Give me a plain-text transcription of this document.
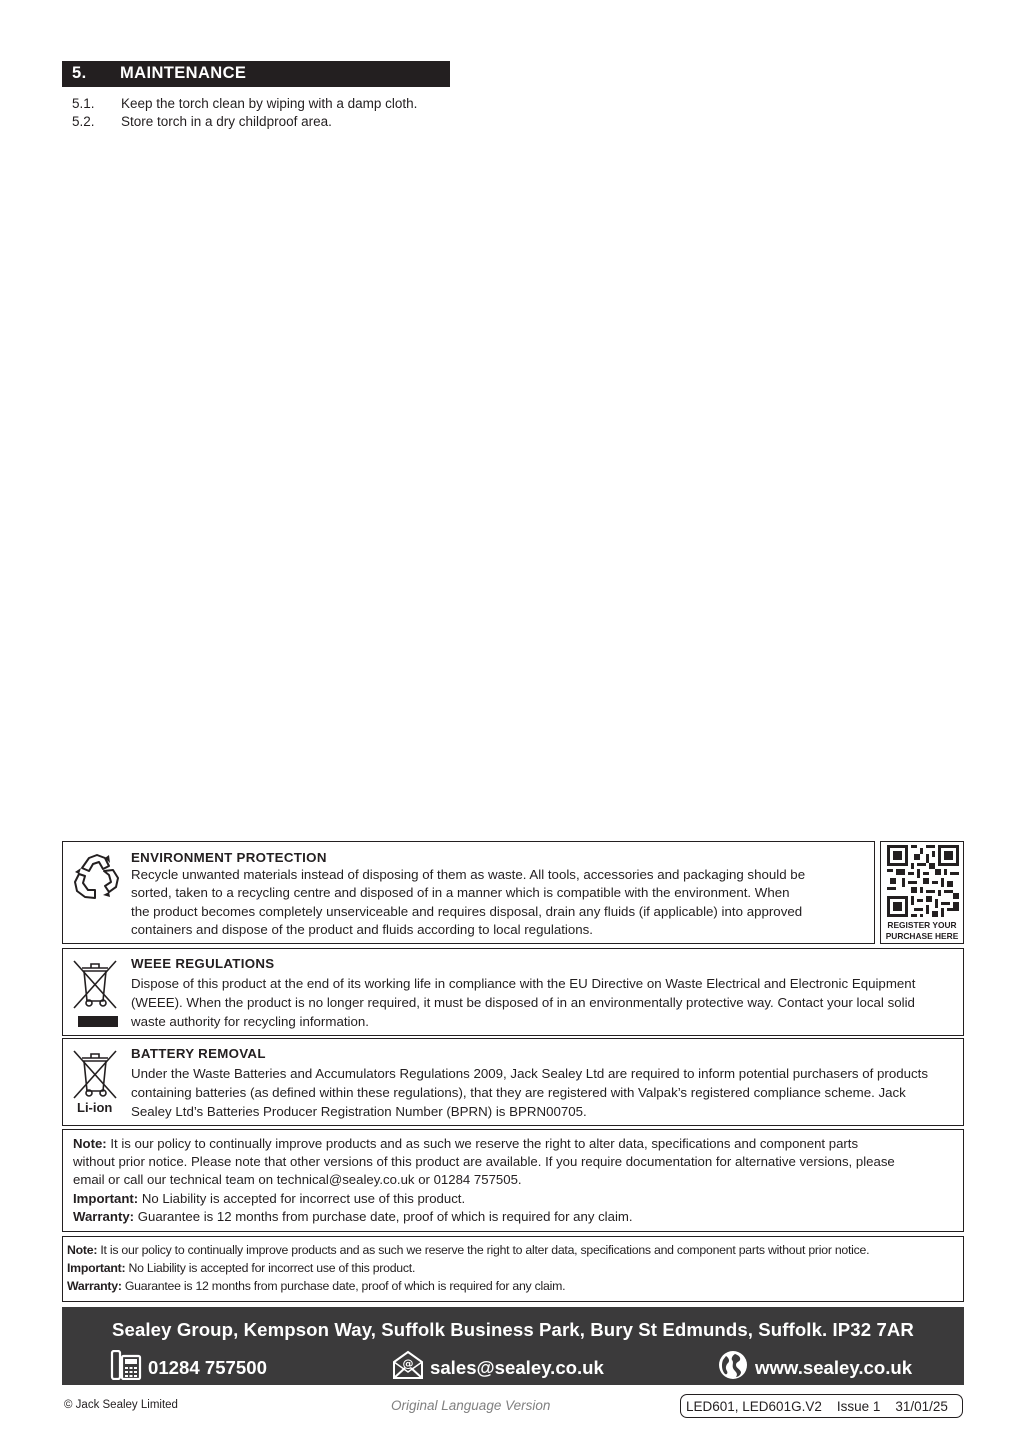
5. MAINTENANCE
5.1. Keep the torch clean by wiping with a damp cloth.
5.2. Store torch in a dry childproof area.
ENVIRONMENT PROTECTION
Recycle unwanted materials instead of disposing of them as waste. All tools, accessories and packaging should be
sorted, taken to a recycling centre and disposed of in a manner which is compatible with the environment. When
the product becomes completely unserviceable and requires disposal, drain any fluids (if applicable) into approved
containers and dispose of the product and fluids according to local regulations.	REGISTER YOUR
PURCHASE HERE
WEEE REGULATIONS
Dispose of this product at the end of its working life in compliance with the EU Directive on Waste Electrical and Electronic Equipment
(WEEE). When the product is no longer required, it must be disposed of in an environmentally protective way. Contact your local solid
waste authority for recycling information.
Li-ion
BATTERY REMOVAL
Under the Waste Batteries and Accumulators Regulations 2009, Jack Sealey Ltd are required to inform potential purchasers of products
containing batteries (as defined within these regulations), that they are registered with Valpak’s registered compliance scheme. Jack
Sealey Ltd’s Batteries Producer Registration Number (BPRN) is BPRN00705.
Note: It is our policy to continually improve products and as such we reserve the right to alter data, specifications and component parts
without prior notice. Please note that other versions of this product are available. If you require documentation for alternative versions, please
email or call our technical team on technical@sealey.co.uk or 01284 757505.
Important: No Liability is accepted for incorrect use of this product.
Warranty: Guarantee is 12 months from purchase date, proof of which is required for any claim.
Note: It is our policy to continually improve products and as such we reserve the right to alter data, specifications and component parts without prior notice.
Important: No Liability is accepted for incorrect use of this product.
Warranty: Guarantee is 12 months from purchase date, proof of which is required for any claim.
Sealey Group, Kempson Way, Suffolk Business Park, Bury St Edmunds, Suffolk. IP32 7AR
01284 757500	@ sales@sealey.co.uk	www.sealey.co.uk
© Jack Sealey Limited	Original Language Version	LED601, LED601G.V2    Issue 1    31/01/25
